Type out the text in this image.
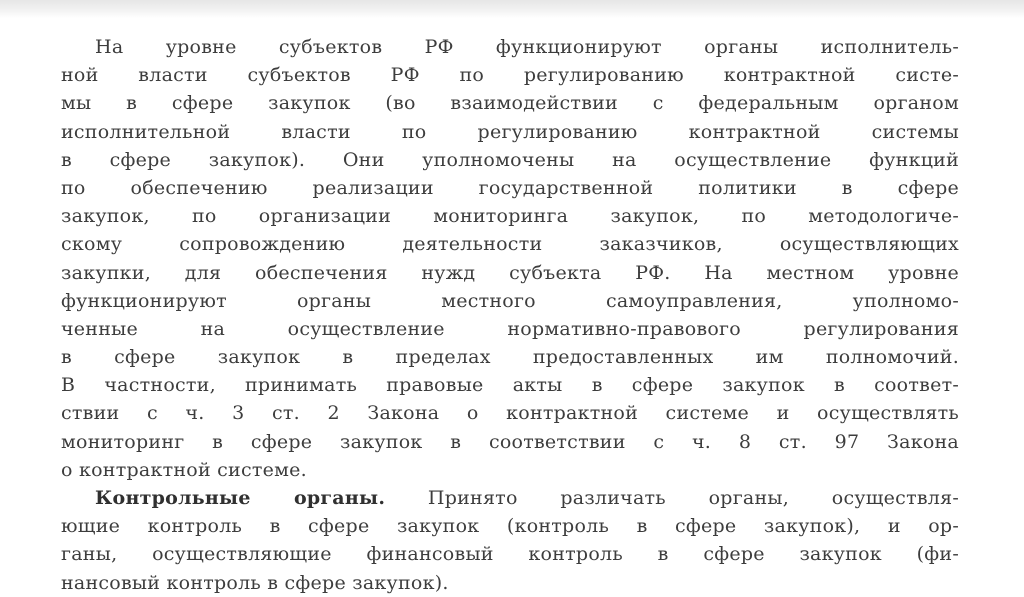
На уровне субъектов РФ функционируют органы исполнитель-
ной власти субъектов РФ по регулированию контрактной систе-
мы в сфере закупок (во взаимодействии с федеральным органом
исполнительной власти по регулированию контрактной системы
в сфере закупок). Они уполномочены на осуществление функций
по обеспечению реализации государственной политики в сфере
закупок, по организации мониторинга закупок, по методологиче-
скому сопровождению деятельности заказчиков, осуществляющих
закупки, для обеспечения нужд субъекта РФ. На местном уровне
функционируют органы местного самоуправления, уполномо-
ченные на осуществление нормативно-правового регулирования
в сфере закупок в пределах предоставленных им полномочий.
В частности, принимать правовые акты в сфере закупок в соответ-
ствии с ч. 3 ст. 2 Закона о контрактной системе и осуществлять
мониторинг в сфере закупок в соответствии с ч. 8 ст. 97 Закона
о контрактной системе.
Контрольные органы. Принято различать органы, осуществля-
ющие контроль в сфере закупок (контроль в сфере закупок), и ор-
ганы, осуществляющие финансовый контроль в сфере закупок (фи-
нансовый контроль в сфере закупок).
